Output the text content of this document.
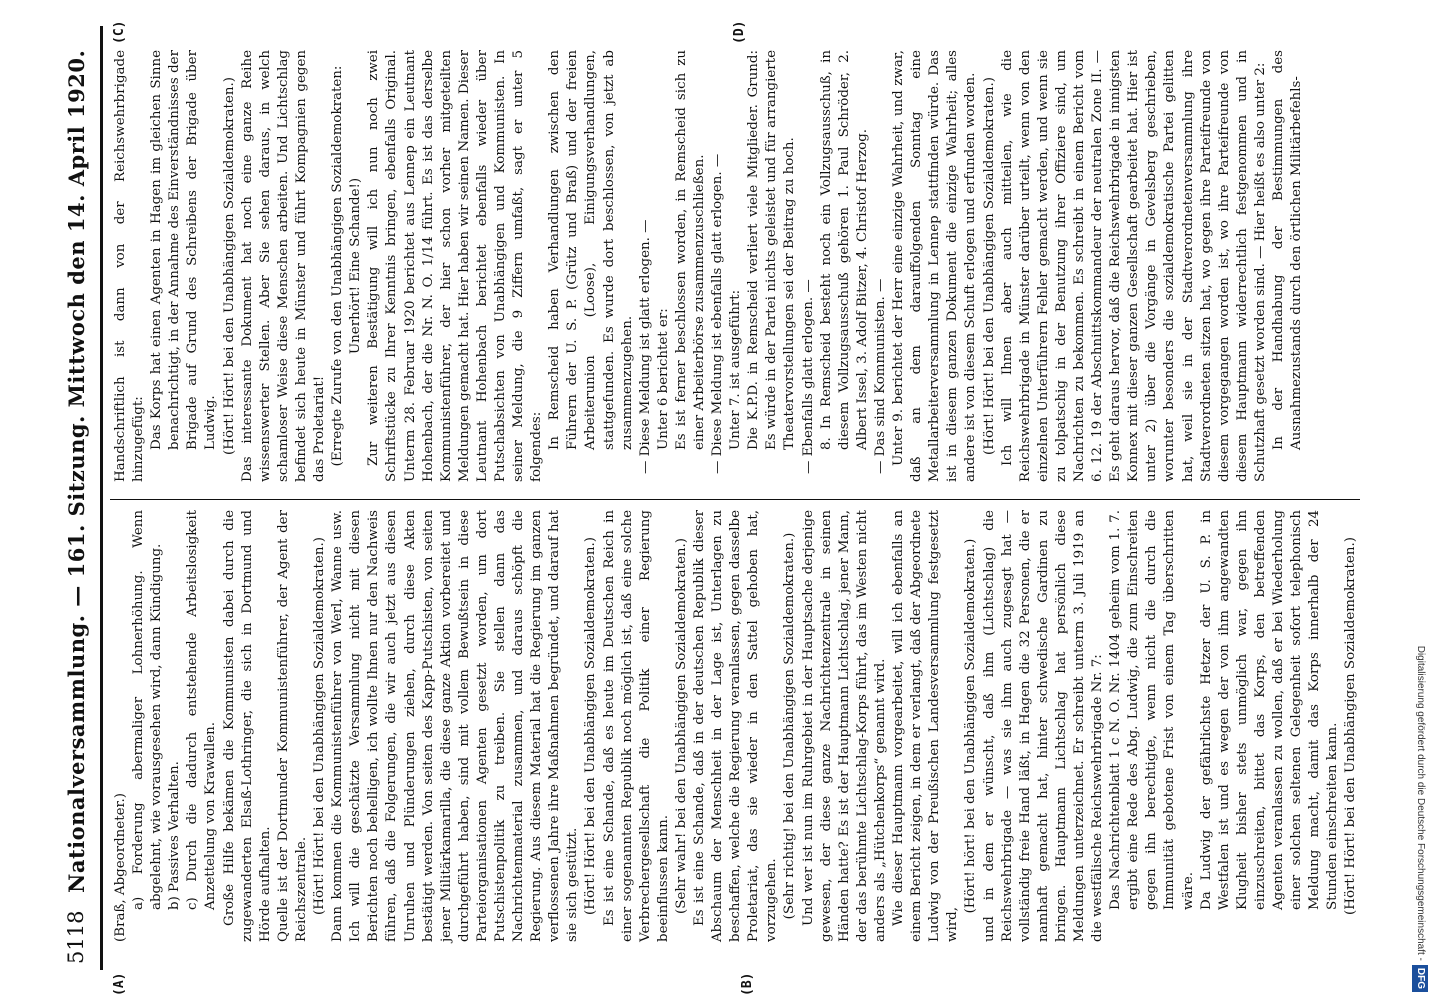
5118
Nationalversammlung. — 161. Sitzung. Mittwoch den 14. April 1920.
(A)	(B)
(C)	(D)

(Braß, Abgeordneter.) a) Forderung abermaliger Lohnerhöhung. Wenn abgelehnt, wie vorausgesehen wird, dann Kündigung. b) Passives Verhalten. c) Durch die dadurch entstehende Arbeitslosigkeit Anzettelung von Krawallen. Große Hilfe bekämen die Kommunisten dabei durch die zugewanderten Elsaß-Lothringer, die sich in Dortmund und Hörde aufhalten. Quelle ist der Dortmunder Kommunistenführer, der Agent der Reichszentrale. (Hört! Hört! bei den Unabhängigen Sozialdemokraten.) Dann kommen die Kommunistenführer von Werl, Wanne usw. Ich will die geschätzte Versammlung nicht mit diesen Berichten noch behelligen, ich wollte Ihnen nur den Nachweis führen, daß die Folgerungen, die wir auch jetzt aus diesen Unruhen und Plünderungen ziehen, durch diese Akten bestätigt werden. Von seiten des Kapp-Putschisten, von seiten jener Militärkamarilla, die diese ganze Aktion vorbereitet und durchgeführt haben, sind mit vollem Bewußtsein in diese Parteiorganisationen Agenten gesetzt worden, um dort Putschistenpolitik zu treiben. Sie stellen dann das Nachrichtenmaterial zusammen, und daraus schöpft die Regierung. Aus diesem Material hat die Regierung im ganzen verflossenen Jahre ihre Maßnahmen begründet, und darauf hat sie sich gestützt. (Hört! Hört! bei den Unabhängigen Sozialdemokraten.) Es ist eine Schande, daß es heute im Deutschen Reich in einer sogenannten Republik noch möglich ist, daß eine solche Verbrechergesellschaft die Politik einer Regierung beeinflussen kann. (Sehr wahr! bei den Unabhängigen Sozialdemokraten.) Es ist eine Schande, daß in der deutschen Republik dieser Abschaum der Menschheit in der Lage ist, Unterlagen zu beschaffen, welche die Regierung veranlassen, gegen dasselbe Proletariat, das sie wieder in den Sattel gehoben hat, vorzugehen. (Sehr richtig! bei den Unabhängigen Sozialdemokraten.) Und wer ist nun im Ruhrgebiet in der Hauptsache derjenige gewesen, der diese ganze Nachrichtenzentrale in seinen Händen hatte? Es ist der Hauptmann Lichtschlag, jener Mann, der das berühmte Lichtschlag-Korps führt, das im Westen nicht anders als „Hütchenkorps“ genannt wird. Wie dieser Hauptmann vorgearbeitet, will ich ebenfalls an einem Bericht zeigen, in dem er verlangt, daß der Abgeordnete Ludwig von der Preußischen Landesversammlung festgesetzt wird,

(Hört! hört! bei den Unabhängigen Sozialdemokraten.) und in dem er wünscht, daß ihm (Lichtschlag) die Reichswehrbrigade — was sie ihm auch zugesagt hat — vollständig freie Hand läßt, in Hagen die 32 Personen, die er namhaft gemacht hat, hinter schwedische Gardinen zu bringen. Hauptmann Lichtschlag hat persönlich diese Meldungen unterzeichnet. Er schreibt unterm 3. Juli 1919 an die westfälische Reichswehrbrigade Nr. 7: Das Nachrichtenblatt 1 c N. O. Nr. 1404 geheim vom 1. 7. ergibt eine Rede des Abg. Ludwig, die zum Einschreiten gegen ihn berechtigte, wenn nicht die durch die Immunität gebotene Frist von einem Tag überschritten wäre. Da Ludwig der gefährlichste Hetzer der U. S. P. in Westfalen ist und es wegen der von ihm angewandten Klugheit bisher stets unmöglich war, gegen ihn einzuschreiten, bittet das Korps, den betreffenden Agenten veranlassen zu wollen, daß er bei Wiederholung einer solchen seltenen Gelegenheit sofort telephonisch Meldung macht, damit das Korps innerhalb der 24 Stunden einschreiten kann. (Hört! Hört! bei den Unabhängigen Sozialdemokraten.)

Handschriftlich ist dann von der Reichswehrbrigade hinzugefügt: Das Korps hat einen Agenten in Hagen im gleichen Sinne benachrichtigt, in der Annahme des Einverständnisses der Brigade auf Grund des Schreibens der Brigade über Ludwig. (Hört! Hört! bei den Unabhängigen Sozialdemokraten.) Das interessante Dokument hat noch eine ganze Reihe wissenswerter Stellen. Aber Sie sehen daraus, in welch schamloser Weise diese Menschen arbeiten. Und Lichtschlag befindet sich heute in Münster und führt Kompagnien gegen das Proletariat! (Erregte Zurufe von den Unabhängigen Sozialdemokraten: Unerhört! Eine Schande!) Zur weiteren Bestätigung will ich nun noch zwei Schriftstücke zu Ihrer Kenntnis bringen, ebenfalls Original. Unterm 28. Februar 1920 berichtet aus Lennep ein Leutnant Hohenbach, der die Nr. N. O. 1/14 führt. Es ist das derselbe Kommunistenführer, der hier schon vorher mitgeteilten Meldungen gemacht hat. Hier haben wir seinen Namen. Dieser Leutnant Hohenbach berichtet ebenfalls wieder über Putschabsichten von Unabhängigen und Kommunisten. In seiner Meldung, die 9 Ziffern umfaßt, sagt er unter 5 folgendes: In Remscheid haben Verhandlungen zwischen den Führern der U. S. P. (Grütz und Braß) und der freien Arbeiterunion (Loose), Einigungsverhandlungen, stattgefunden. Es wurde dort beschlossen, von jetzt ab zusammenzugehen. — Diese Meldung ist glatt erlogen. — Unter 6 berichtet er: Es ist ferner beschlossen worden, in Remscheid sich zu einer Arbeiterbörse zusammenzuschließen. — Diese Meldung ist ebenfalls glatt erlogen. — Unter 7. ist ausgeführt: Die K.P.D. in Remscheid verliert viele Mitglieder. Grund: Es würde in der Partei nichts geleistet und für arrangierte Theatervorstellungen sei der Beitrag zu hoch. — Ebenfalls glatt erlogen. — 8. In Remscheid besteht noch ein Vollzugsausschuß, in diesem Vollzugsausschuß gehören 1. Paul Schröder, 2. Albert Issel, 3. Adolf Bitzer, 4. Christof Herzog. — Das sind Kommunisten. — Unter 9. berichtet der Herr eine einzige Wahrheit, und zwar, daß an dem darauffolgenden Sonntag eine Metallarbeiterversammlung in Lennep stattfinden würde. Das ist in diesem ganzen Dokument die einzige Wahrheit; alles andere ist von diesem Schuft erlogen und erfunden worden. (Hört! Hört! bei den Unabhängigen Sozialdemokraten.) Ich will Ihnen aber auch mitteilen, wie die Reichswehrbrigade in Münster darüber urteilt, wenn von den einzelnen Unterführern Fehler gemacht werden, und wenn sie zu tolpatschig in der Benutzung ihrer Offiziere sind, um Nachrichten zu bekommen. Es schreibt in einem Bericht vom 6. 12. 19 der Abschnittskommandeur der neutralen Zone II. — Es geht daraus hervor, daß die Reichswehrbrigade in innigsten Konnex mit dieser ganzen Gesellschaft gearbeitet hat. Hier ist unter 2) über die Vorgänge in Gevelsberg geschrieben, worunter besonders die sozialdemokratische Partei gelitten hat, weil sie in der Stadtverordnetenversammlung ihre Stadtverordneten sitzen hat, wo gegen ihre Parteifreunde von diesem vorgegangen worden ist, wo ihre Parteifreunde von diesem Hauptmann widerrechtlich festgenommen und in Schutzhaft gesetzt worden sind. — Hier heißt es also unter 2: In der Handhabung der Bestimmungen des Ausnahmezustands durch den örtlichen Militärbefehls-

Digitalisierung gefördert durch die Deutsche Forschungsgemeinschaft -DFG
